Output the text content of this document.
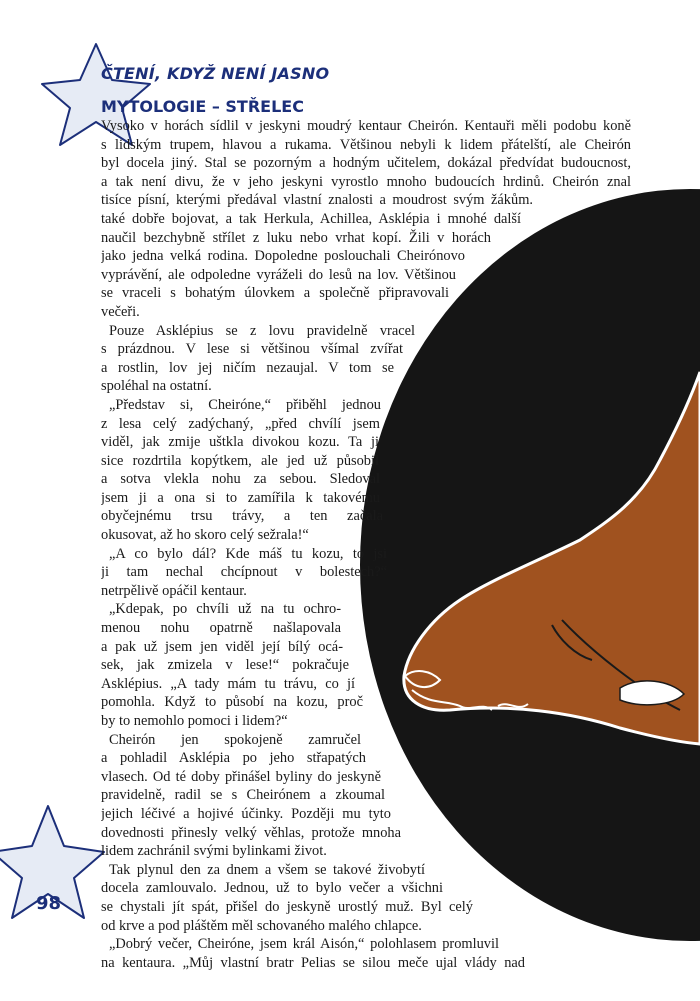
ČTENÍ, KDYŽ NENÍ JASNO
MYTOLOGIE – STŘELEC
Vysoko v horách sídlil v jeskyni moudrý kentaur Cheirón. Kentauři měli podobu koně
s lidským trupem, hlavou a rukama. Většinou nebyli k lidem přátelští, ale Cheirón
byl docela jiný. Stal se pozorným a hodným učitelem, dokázal předvídat budoucnost,
a tak není divu, že v jeho jeskyni vyrostlo mnoho budoucích hrdinů. Cheirón znal
tisíce písní, kterými předával vlastní znalosti a moudrost svým žákům.
také dobře bojovat, a tak Herkula, Achillea, Asklépia i mnohé další
naučil bezchybně střílet z luku nebo vrhat kopí. Žili v horách
jako jedna velká rodina. Dopoledne poslouchali Cheirónovo
vyprávění, ale odpoledne vyráželi do lesů na lov. Většinou
se vraceli s bohatým úlovkem a společně připravovali
večeři.
Pouze Asklépius se z lovu pravidelně vracel
s prázdnou. V lese si většinou všímal zvířat
a rostlin, lov jej ničím nezaujal. V tom se
spoléhal na ostatní.
„Představ si, Cheiróne,“ přiběhl jednou
z lesa celý zadýchaný, „před chvílí jsem
viděl, jak zmije uštkla divokou kozu. Ta ji
sice rozdrtila kopýtkem, ale jed už působil
a sotva vlekla nohu za sebou. Sledoval
jsem ji a ona si to zamířila k takovému
obyčejnému trsu trávy, a ten začala
okusovat, až ho skoro celý sežrala!“
„A co bylo dál? Kde máš tu kozu, to jsi
ji tam nechal chcípnout v bolestech?“
netrpělivě opáčil kentaur.
„Kdepak, po chvíli už na tu ochro-
menou nohu opatrně našlapovala
a pak už jsem jen viděl její bílý ocá-
sek, jak zmizela v lese!“ pokračuje
Asklépius. „A tady mám tu trávu, co jí
pomohla. Když to působí na kozu, proč
by to nemohlo pomoci i lidem?“
Cheirón jen spokojeně zamručel
a pohladil Asklépia po jeho střapatých
vlasech. Od té doby přinášel byliny do jeskyně
pravidelně, radil se s Cheirónem a zkoumal
jejich léčivé a hojivé účinky. Později mu tyto
dovednosti přinesly velký věhlas, protože mnoha
lidem zachránil svými bylinkami život.
Tak plynul den za dnem a všem se takové živobytí
docela zamlouvalo. Jednou, už to bylo večer a všichni
se chystali jít spát, přišel do jeskyně urostlý muž. Byl celý
od krve a pod pláštěm měl schovaného malého chlapce.
„Dobrý večer, Cheiróne, jsem král Aisón,“ polohlasem promluvil
na kentaura. „Můj vlastní bratr Pelias se silou meče ujal vlády nad
98
